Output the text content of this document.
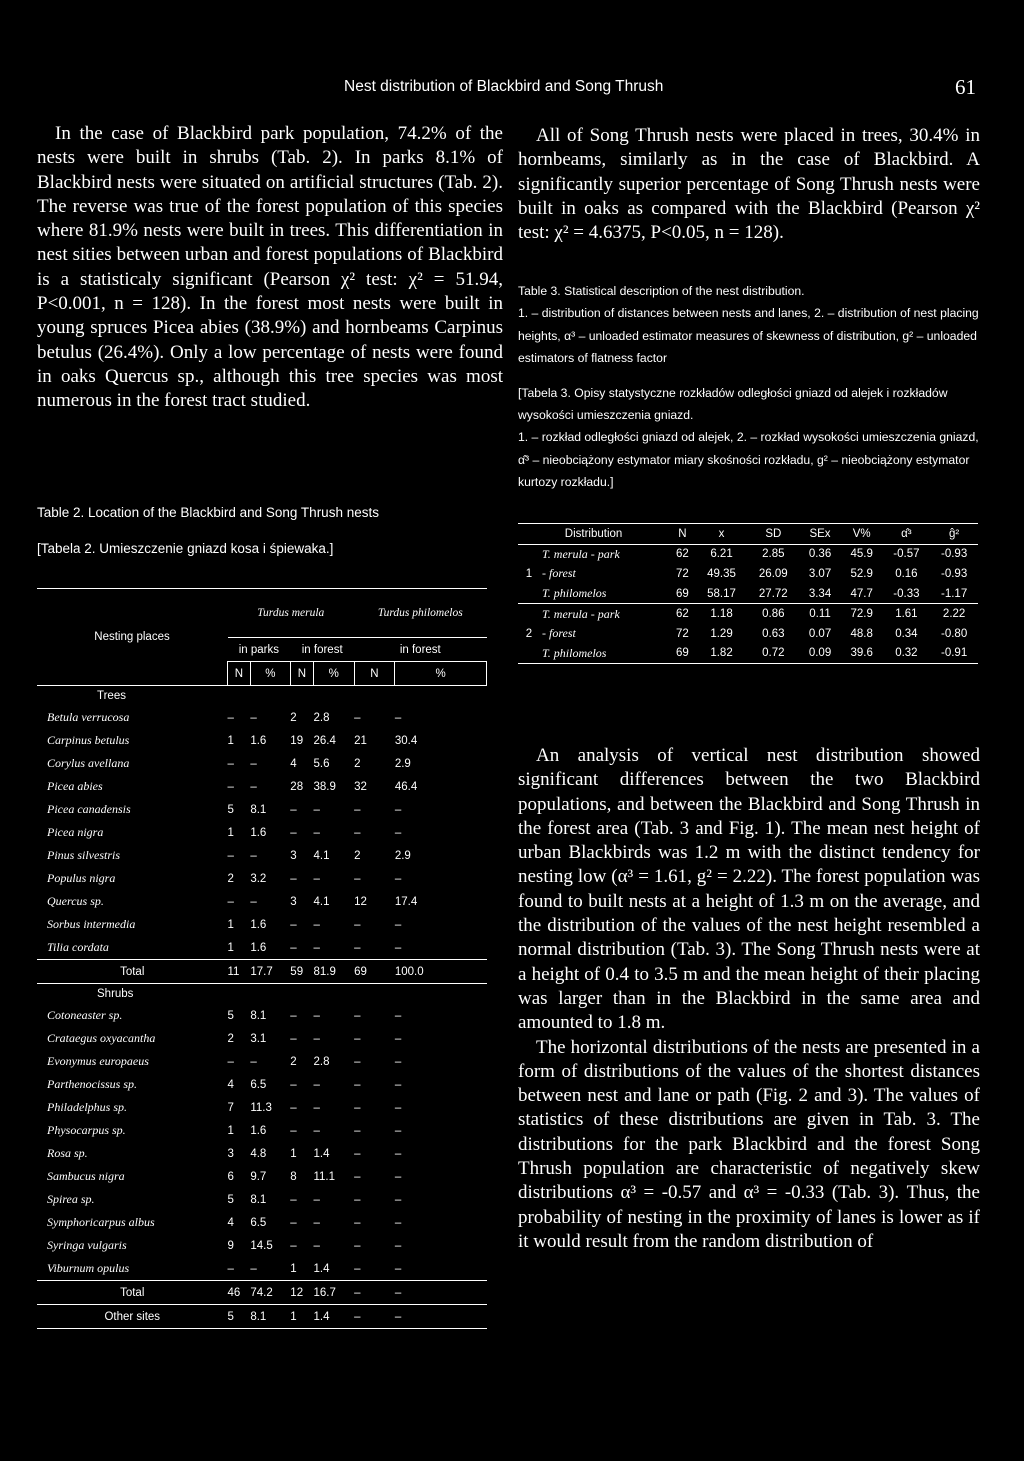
Nest distribution of Blackbird and Song Thrush	61

In the case of Blackbird park population, 74.2% of the nests were built in shrubs (Tab. 2). In parks 8.1% of Blackbird nests were situated on artificial structures (Tab. 2). The reverse was true of the forest population of this species where 81.9% nests were built in trees. This differentiation in nest sities between urban and forest populations of Blackbird is a statisticaly significant (Pearson χ² test: χ² = 51.94, P<0.001, n = 128). In the forest most nests were built in young spruces Picea abies (38.9%) and hornbeams Carpinus betulus (26.4%). Only a low percentage of nests were found in oaks Quercus sp., although this tree species was most numerous in the forest tract studied.

Table 2. Location of the Blackbird and Song Thrush nests
[Tabela 2. Umieszczenie gniazd kosa i śpiewaka.]
Nesting places	Turdus merula				Turdus philomelos	
	in parks		in forest		in forest	
	N	%	N	%	N	%
Trees						
Betula verrucosa	–	–	2	2.8	–	–
Carpinus betulus	1	1.6	19	26.4	21	30.4
Corylus avellana	–	–	4	5.6	2	2.9
Picea abies	–	–	28	38.9	32	46.4
Picea canadensis	5	8.1	–	–	–	–
Picea nigra	1	1.6	–	–	–	–
Pinus silvestris	–	–	3	4.1	2	2.9
Populus nigra	2	3.2	–	–	–	–
Quercus sp.	–	–	3	4.1	12	17.4
Sorbus intermedia	1	1.6	–	–	–	–
Tilia cordata	1	1.6	–	–	–	–
Total	11	17.7	59	81.9	69	100.0
Shrubs						
Cotoneaster sp.	5	8.1	–	–	–	–
Crataegus oxyacantha	2	3.1	–	–	–	–
Evonymus europaeus	–	–	2	2.8	–	–
Parthenocissus sp.	4	6.5	–	–	–	–
Philadelphus sp.	7	11.3	–	–	–	–
Physocarpus sp.	1	1.6	–	–	–	–
Rosa sp.	3	4.8	1	1.4	–	–
Sambucus nigra	6	9.7	8	11.1	–	–
Spirea sp.	5	8.1	–	–	–	–
Symphoricarpus albus	4	6.5	–	–	–	–
Syringa vulgaris	9	14.5	–	–	–	–
Viburnum opulus	–	–	1	1.4	–	–
Total	46	74.2	12	16.7	–	–
Other sites	5	8.1	1	1.4	–	–

All of Song Thrush nests were placed in trees, 30.4% in hornbeams, similarly as in the case of Blackbird. A significantly superior percentage of Song Thrush nests were built in oaks as compared with the Blackbird (Pearson χ² test: χ² = 4.6375, P<0.05, n = 128).

Table 3. Statistical description of the nest distribution.

1. – distribution of distances between nests and lanes, 2. – distribution of nest placing heights, α³ – unloaded estimator measures of skewness of distribution, g² – unloaded estimators of flatness factor

[Tabela 3. Opisy statystyczne rozkładów odległości gniazd od alejek i rozkładów wysokości umieszczenia gniazd.

1. – rozkład odległości gniazd od alejek, 2. – rozkład wysokości umieszczenia gniazd, α̂³ – nieobciążony estymator miary skośności rozkładu, g² – nieobciążony estymator kurtozy rozkładu.]

Distribution		N	x	SD	SEx	V%	α̂³	ĝ²
	T. merula - park	62	6.21	2.85	0.36	45.9	-0.57	-0.93
1	- forest	72	49.35	26.09	3.07	52.9	0.16	-0.93
	T. philomelos	69	58.17	27.72	3.34	47.7	-0.33	-1.17
	T. merula - park	62	1.18	0.86	0.11	72.9	1.61	2.22
2	- forest	72	1.29	0.63	0.07	48.8	0.34	-0.80
	T. philomelos	69	1.82	0.72	0.09	39.6	0.32	-0.91

An analysis of vertical nest distribution showed significant differences between the two Blackbird populations, and between the Blackbird and Song Thrush in the forest area (Tab. 3 and Fig. 1). The mean nest height of urban Blackbirds was 1.2 m with the distinct tendency for nesting low (α³ = 1.61, g² = 2.22). The forest population was found to built nests at a height of 1.3 m on the average, and the distribution of the values of the nest height resembled a normal distribution (Tab. 3). The Song Thrush nests were at a height of 0.4 to 3.5 m and the mean height of their placing was larger than in the Blackbird in the same area and amounted to 1.8 m.

The horizontal distributions of the nests are presented in a form of distributions of the values of the shortest distances between nest and lane or path (Fig. 2 and 3). The values of statistics of these distributions are given in Tab. 3. The distributions for the park Blackbird and the forest Song Thrush population are characteristic of negatively skew distributions α³ = -0.57 and α³ = -0.33 (Tab. 3). Thus, the probability of nesting in the proximity of lanes is lower as if it would result from the random distribution of
